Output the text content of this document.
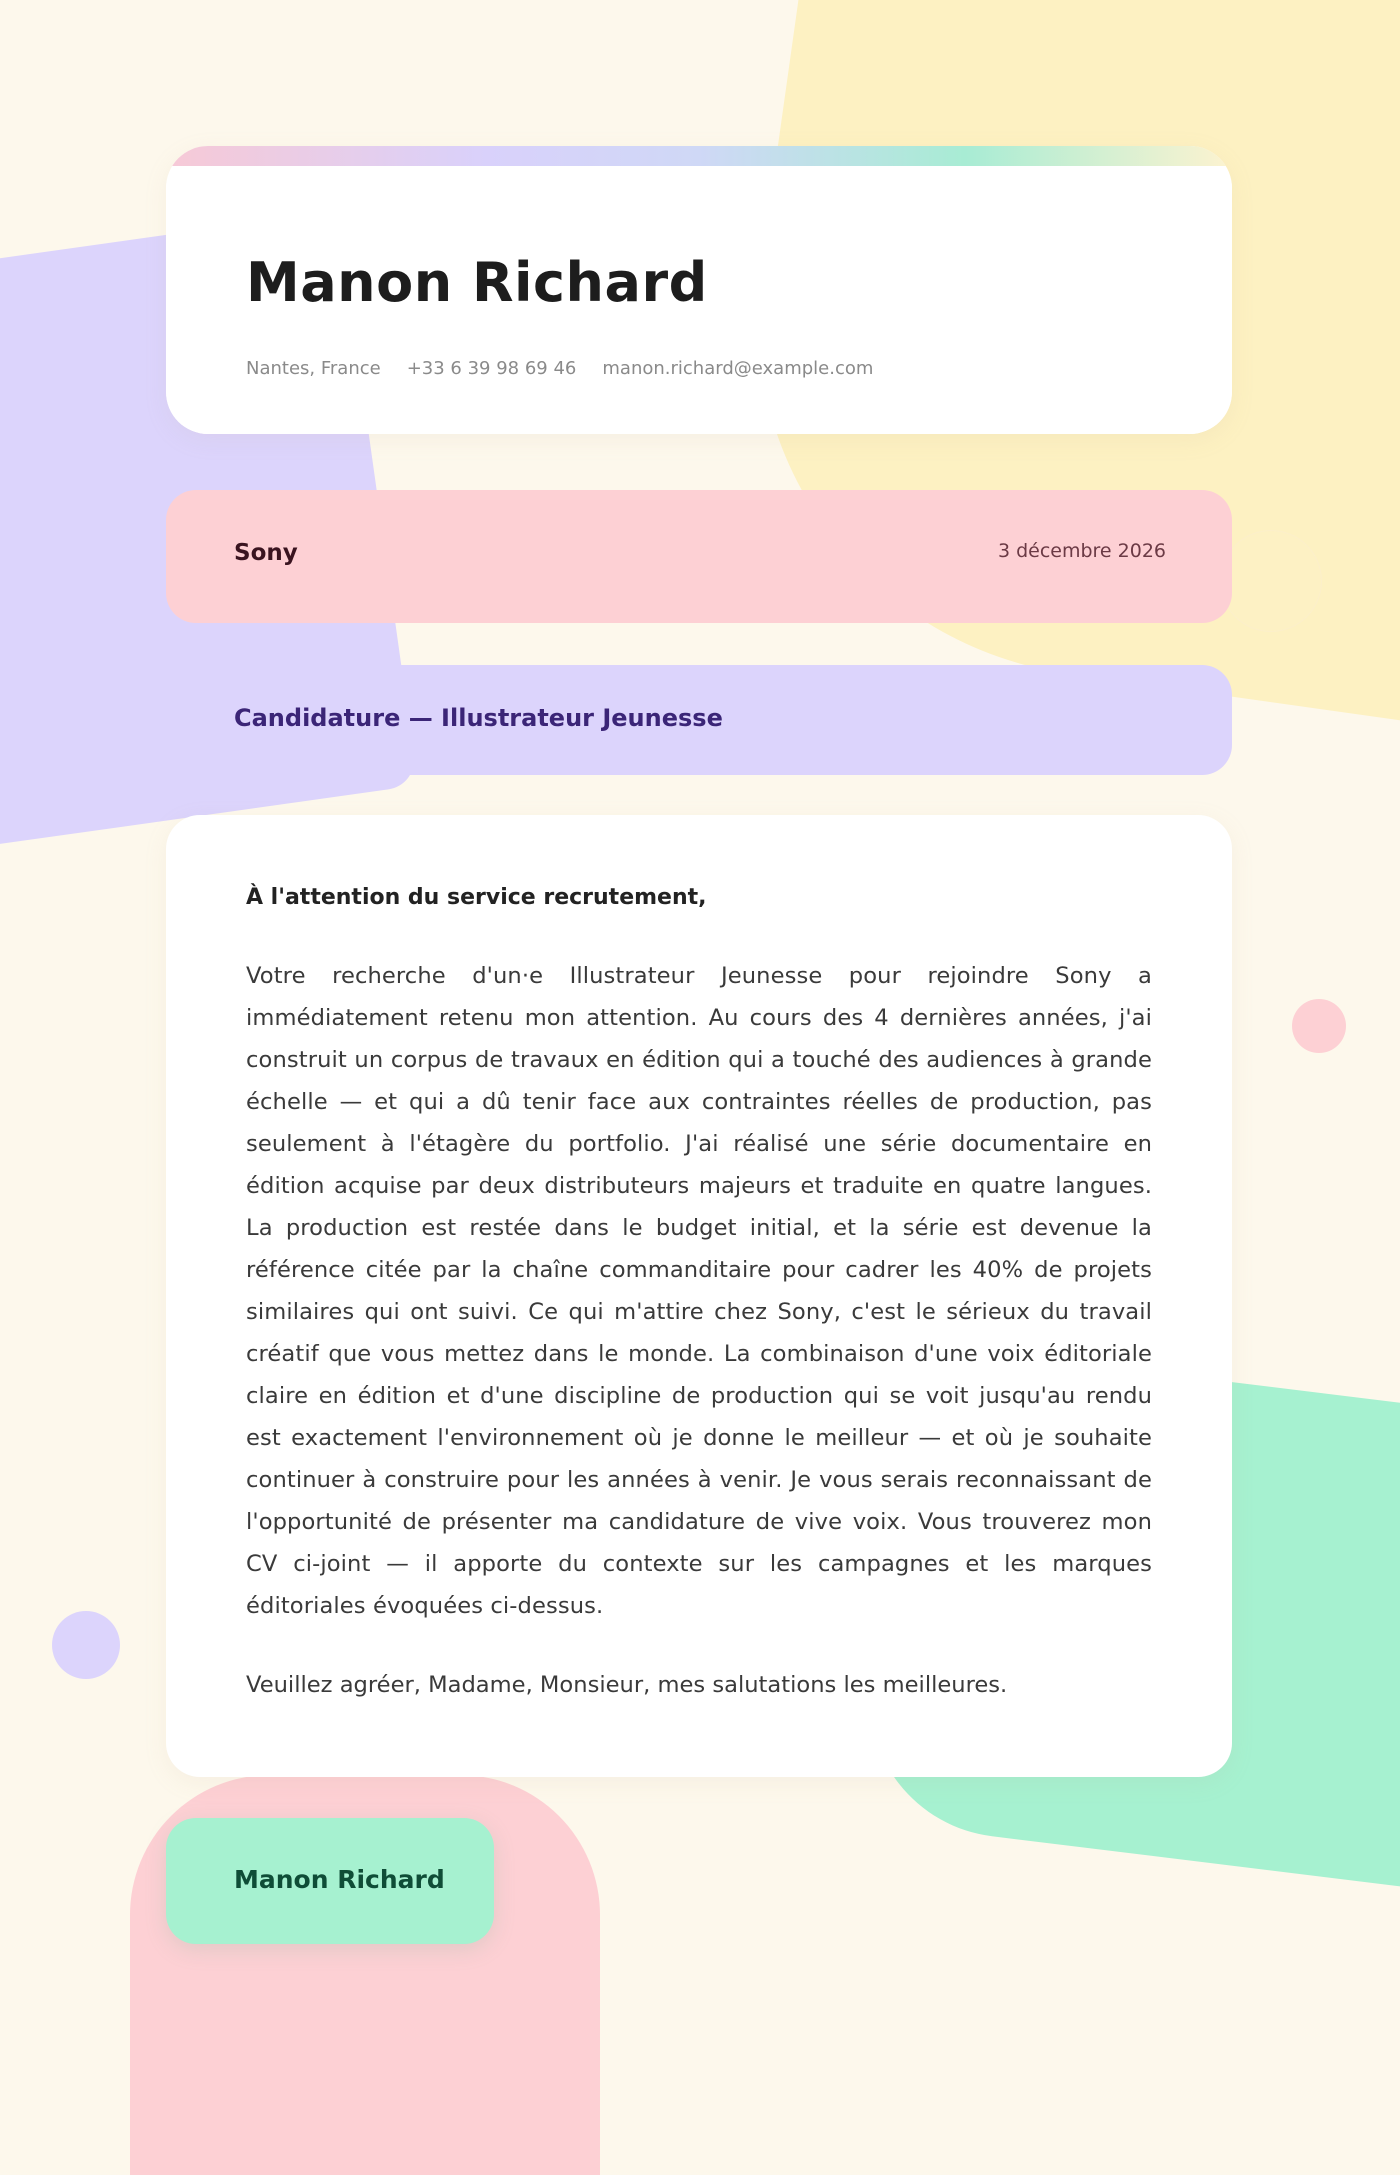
Manon Richard
Nantes, France +33 6 39 98 69 46 manon.richard@example.com
Sony	3 décembre 2026
Candidature — Illustrateur Jeunesse
À l'attention du service recrutement,

Votre recherche d'un·e Illustrateur Jeunesse pour rejoindre Sony a immédiatement retenu mon attention. Au cours des 4 dernières années, j'ai construit un corpus de travaux en édition qui a touché des audiences à grande échelle — et qui a dû tenir face aux contraintes réelles de production, pas seulement à l'étagère du portfolio. J'ai réalisé une série documentaire en édition acquise par deux distributeurs majeurs et traduite en quatre langues. La production est restée dans le budget initial, et la série est devenue la référence citée par la chaîne commanditaire pour cadrer les 40% de projets similaires qui ont suivi. Ce qui m'attire chez Sony, c'est le sérieux du travail créatif que vous mettez dans le monde. La combinaison d'une voix éditoriale claire en édition et d'une discipline de production qui se voit jusqu'au rendu est exactement l'environnement où je donne le meilleur — et où je souhaite continuer à construire pour les années à venir. Je vous serais reconnaissant de l'opportunité de présenter ma candidature de vive voix. Vous trouverez mon CV ci-joint — il apporte du contexte sur les campagnes et les marques éditoriales évoquées ci-dessus.

Veuillez agréer, Madame, Monsieur, mes salutations les meilleures.
Manon Richard
